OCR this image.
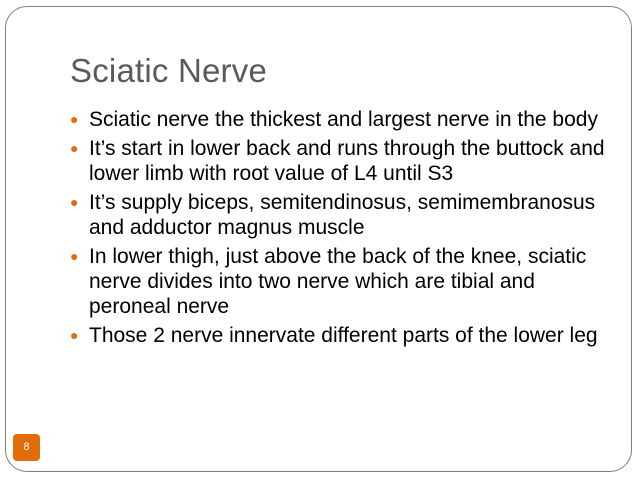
Sciatic Nerve
● Sciatic nerve the thickest and largest nerve in the body
● It’s start in lower back and runs through the buttock and lower limb with root value of L4 until S3
● It’s supply biceps, semitendinosus, semimembranosus and adductor magnus muscle
● In lower thigh, just above the back of the knee, sciatic nerve divides into two nerve which are tibial and peroneal nerve
● Those 2 nerve innervate different parts of the lower leg
8
